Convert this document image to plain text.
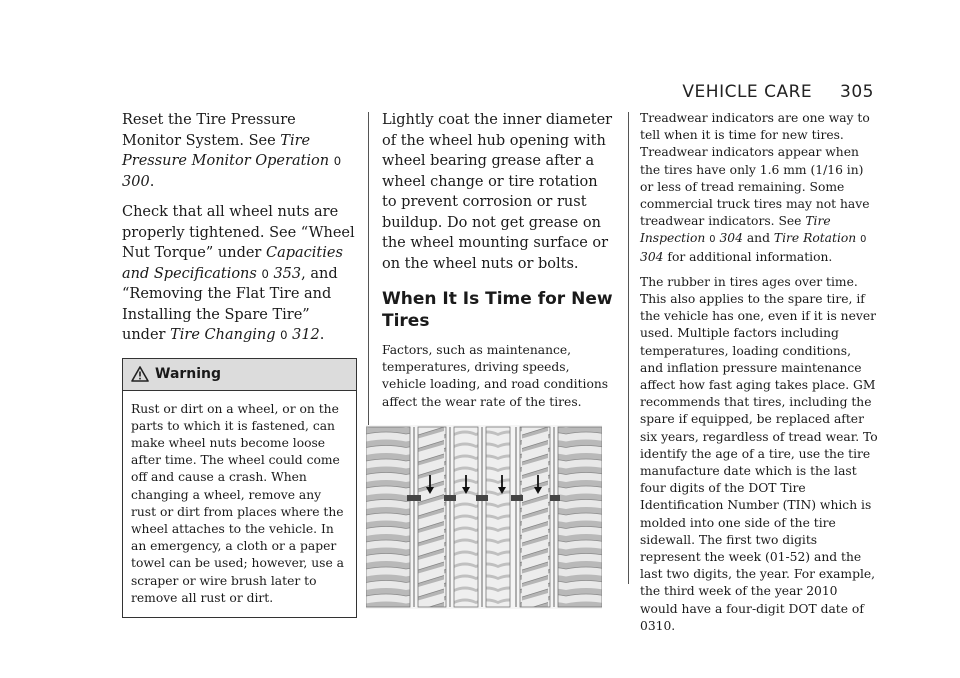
VEHICLE CARE 305

Reset the Tire Pressure Monitor System. See Tire Pressure Monitor Operation 0 300.

Check that all wheel nuts are properly tightened. See “Wheel Nut Torque” under Capacities and Specifications 0 353, and “Removing the Flat Tire and Installing the Spare Tire” under Tire Changing 0 312.

Warning
Rust or dirt on a wheel, or on the parts to which it is fastened, can make wheel nuts become loose after time. The wheel could come off and cause a crash. When changing a wheel, remove any rust or dirt from places where the wheel attaches to the vehicle. In an emergency, a cloth or a paper towel can be used; however, use a scraper or wire brush later to remove all rust or dirt.

Lightly coat the inner diameter of the wheel hub opening with wheel bearing grease after a wheel change or tire rotation to prevent corrosion or rust buildup. Do not get grease on the wheel mounting surface or on the wheel nuts or bolts.

When It Is Time for New Tires

Factors, such as maintenance, temperatures, driving speeds, vehicle loading, and road conditions affect the wear rate of the tires.

Treadwear indicators are one way to tell when it is time for new tires. Treadwear indicators appear when the tires have only 1.6 mm (1/16 in) or less of tread remaining. Some commercial truck tires may not have treadwear indicators. See Tire Inspection 0 304 and Tire Rotation 0 304 for additional information.

The rubber in tires ages over time. This also applies to the spare tire, if the vehicle has one, even if it is never used. Multiple factors including temperatures, loading conditions, and inflation pressure maintenance affect how fast aging takes place. GM recommends that tires, including the spare if equipped, be replaced after six years, regardless of tread wear. To identify the age of a tire, use the tire manufacture date which is the last four digits of the DOT Tire Identification Number (TIN) which is molded into one side of the tire sidewall. The first two digits represent the week (01-52) and the last two digits, the year. For example, the third week of the year 2010 would have a four-digit DOT date of 0310.
